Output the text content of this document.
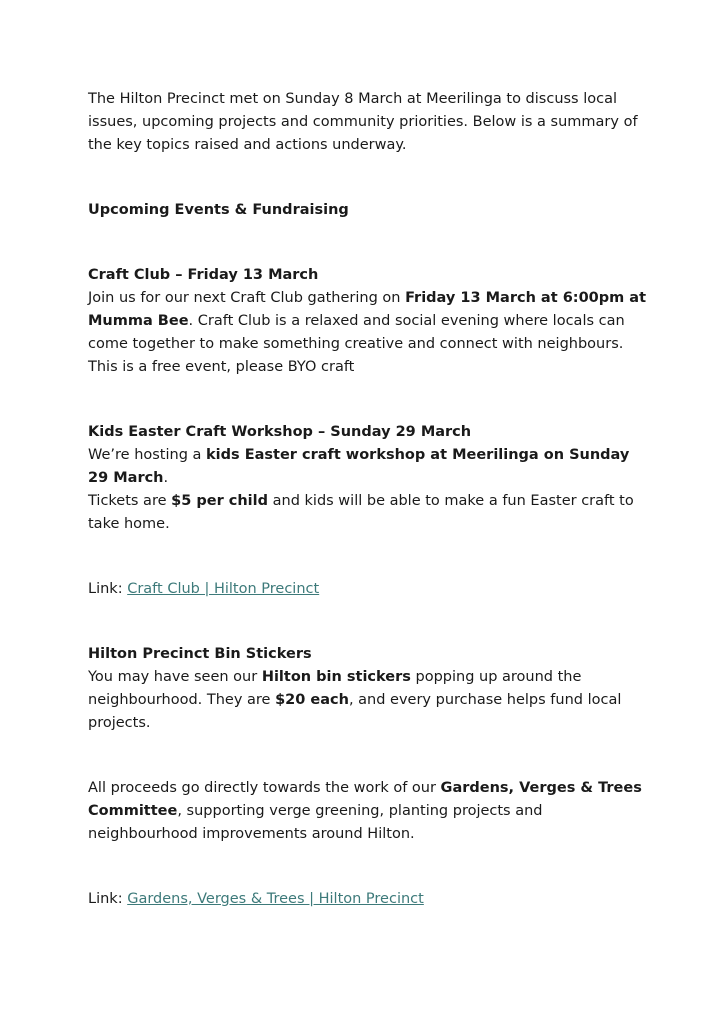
The Hilton Precinct met on Sunday 8 March at Meerilinga to discuss local issues, upcoming projects and community priorities. Below is a summary of the key topics raised and actions underway.

Upcoming Events & Fundraising

Craft Club – Friday 13 March

Join us for our next Craft Club gathering on Friday 13 March at 6:00pm at Mumma Bee. Craft Club is a relaxed and social evening where locals can come together to make something creative and connect with neighbours. This is a free event, please BYO craft

Kids Easter Craft Workshop – Sunday 29 March

We’re hosting a kids Easter craft workshop at Meerilinga on Sunday 29 March.

Tickets are $5 per child and kids will be able to make a fun Easter craft to take home.

Link: Craft Club | Hilton Precinct

Hilton Precinct Bin Stickers

You may have seen our Hilton bin stickers popping up around the neighbourhood. They are $20 each, and every purchase helps fund local projects.

All proceeds go directly towards the work of our Gardens, Verges & Trees Committee, supporting verge greening, planting projects and neighbourhood improvements around Hilton.

Link: Gardens, Verges & Trees | Hilton Precinct
